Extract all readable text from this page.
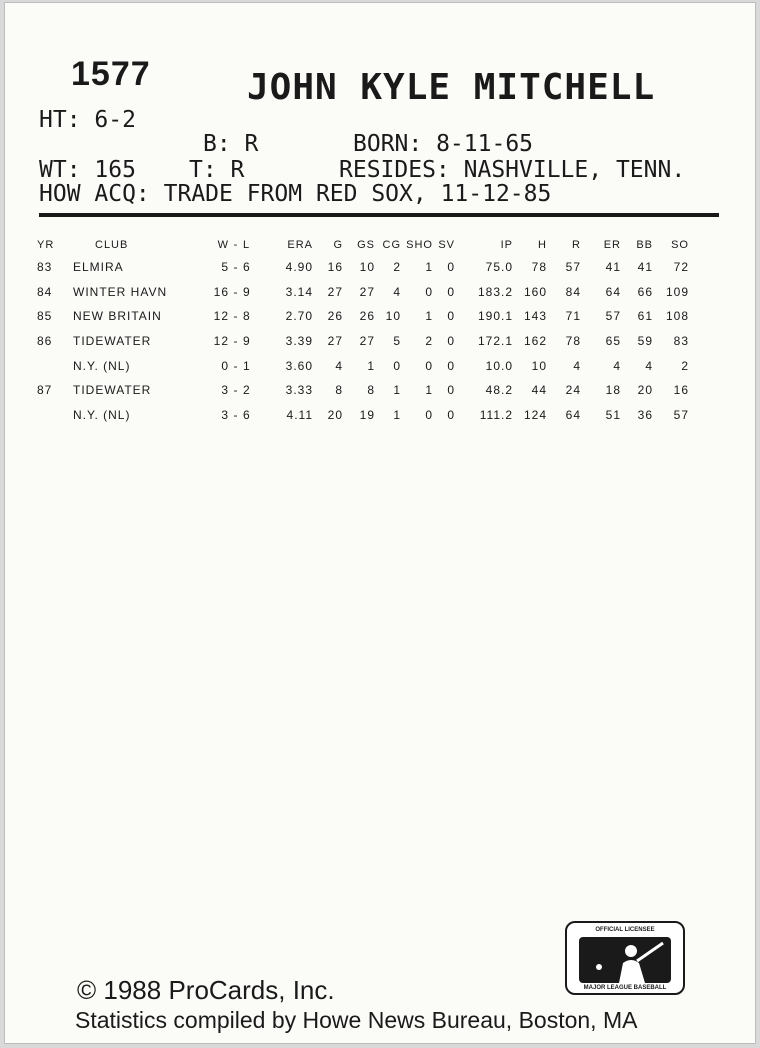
1577	JOHN KYLE MITCHELL
HT: 6-2
B: R	BORN: 8-11-65
WT: 165 T: R	RESIDES: NASHVILLE, TENN.
HOW ACQ: TRADE FROM RED SOX, 11-12-85
YR	CLUB	W	-	L	ERA	G	GS	CG	SHO	SV	IP	H	R	ER	BB	SO
83	ELMIRA	5	-	6	4.90	16	10	2	1	0	75.0	78	57	41	41	72
84	WINTER HAVN	16	-	9	3.14	27	27	4	0	0	183.2	160	84	64	66	109
85	NEW BRITAIN	12	-	8	2.70	26	26	10	1	0	190.1	143	71	57	61	108
86	TIDEWATER	12	-	9	3.39	27	27	5	2	0	172.1	162	78	65	59	83
	N.Y. (NL)	0	-	1	3.60	4	1	0	0	0	10.0	10	4	4	4	2
87	TIDEWATER	3	-	2	3.33	8	8	1	1	0	48.2	44	24	18	20	16
	N.Y. (NL)	3	-	6	4.11	20	19	1	0	0	111.2	124	64	51	36	57
OFFICIAL LICENSEE
MAJOR LEAGUE BASEBALL
© 1988 ProCards, Inc.
Statistics compiled by Howe News Bureau, Boston, MA
